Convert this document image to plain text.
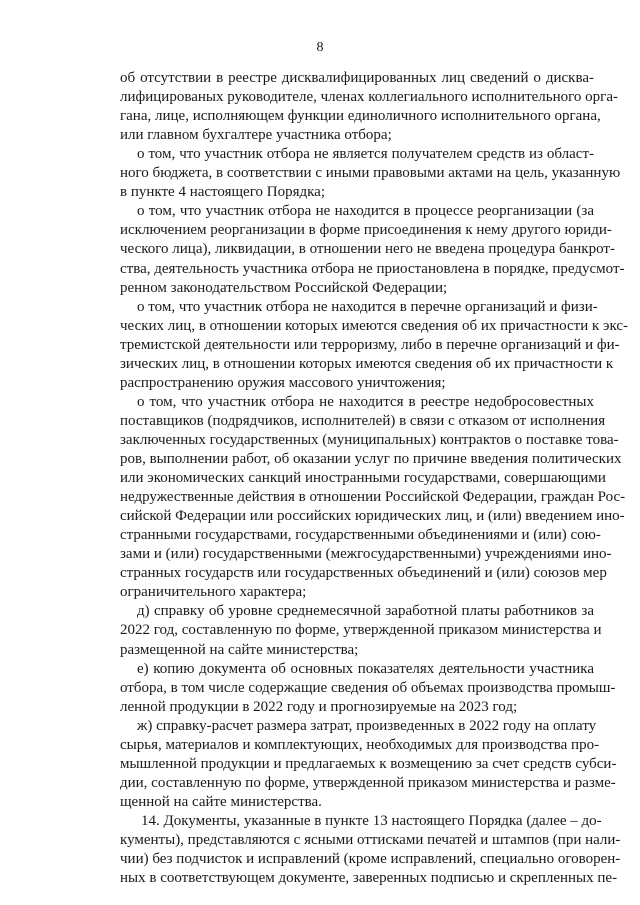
8
об отсутствии в реестре дисквалифицированных лиц сведений о дисква-
лифицированых руководителе, членах коллегиального исполнительного орга-
гана, лице, исполняющем функции единоличного исполнительного органа,
или главном бухгалтере участника отбора;
о том, что участник отбора не является получателем средств из област-
ного бюджета, в соответствии с иными правовыми актами на цель, указанную
в пункте 4 настоящего Порядка;
о том, что участник отбора не находится в процессе реорганизации (за
исключением реорганизации в форме присоединения к нему другого юриди-
ческого лица), ликвидации, в отношении него не введена процедура банкрот-
ства, деятельность участника отбора не приостановлена в порядке, предусмот-
ренном законодательством Российской Федерации;
о том, что участник отбора не находится в перечне организаций и физи-
ческих лиц, в отношении которых имеются сведения об их причастности к экс-
тремистской деятельности или терроризму, либо в перечне организаций и фи-
зических лиц, в отношении которых имеются сведения об их причастности к
распространению оружия массового уничтожения;
о том, что участник отбора не находится в реестре недобросовестных
поставщиков (подрядчиков, исполнителей) в связи с отказом от исполнения
заключенных государственных (муниципальных) контрактов о поставке това-
ров, выполнении работ, об оказании услуг по причине введения политических
или экономических санкций иностранными государствами, совершающими
недружественные действия в отношении Российской Федерации, граждан Рос-
сийской Федерации или российских юридических лиц, и (или) введением ино-
странными государствами, государственными объединениями и (или) сою-
зами и (или) государственными (межгосударственными) учреждениями ино-
странных государств или государственных объединений и (или) союзов мер
ограничительного характера;
д) справку об уровне среднемесячной заработной платы работников за
2022 год, составленную по форме, утвержденной приказом министерства и
размещенной на сайте министерства;
е) копию документа об основных показателях деятельности участника
отбора, в том числе содержащие сведения об объемах производства промыш-
ленной продукции в 2022 году и прогнозируемые на 2023 год;
ж) справку-расчет размера затрат, произведенных в 2022 году на оплату
сырья, материалов и комплектующих, необходимых для производства про-
мышленной продукции и предлагаемых к возмещению за счет средств субси-
дии, составленную по форме, утвержденной приказом министерства и разме-
щенной на сайте министерства.
14. Документы, указанные в пункте 13 настоящего Порядка (далее – до-
кументы), представляются с ясными оттисками печатей и штампов (при нали-
чии) без подчисток и исправлений (кроме исправлений, специально оговорен-
ных в соответствующем документе, заверенных подписью и скрепленных пе-
